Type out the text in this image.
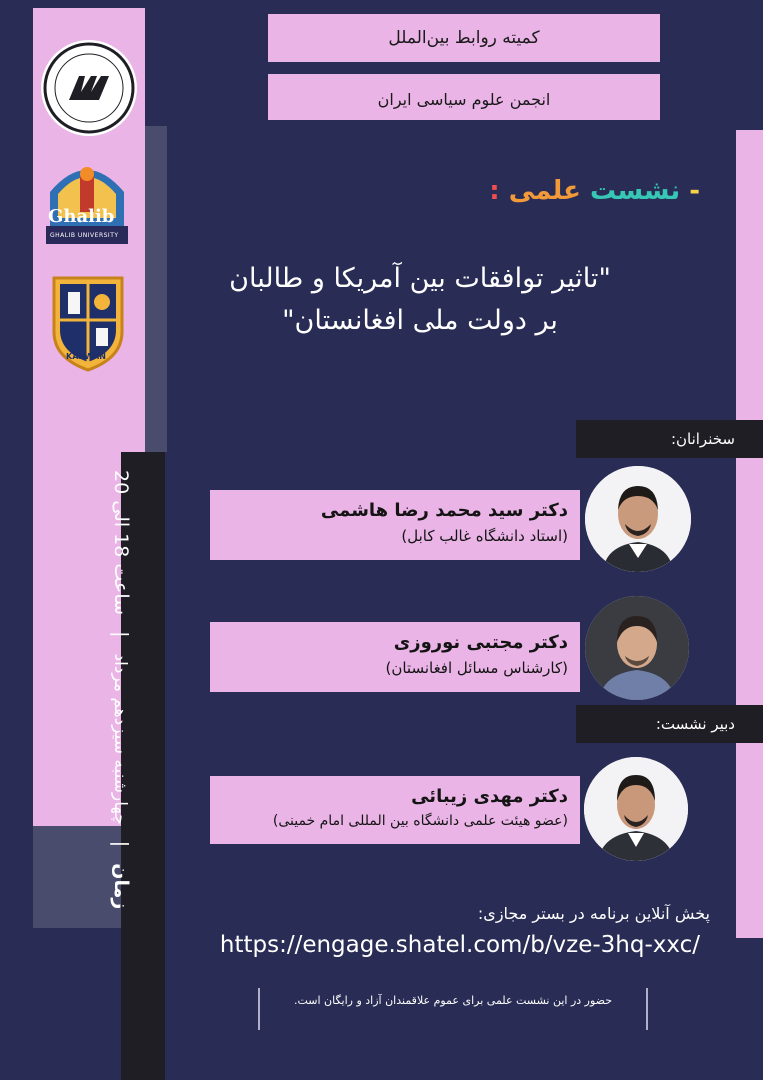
زمان | چهارشنبه سیزدهم مرداد | ساعت 18 الی 20
Ghalib
GHALIB UNIVERSITY
KARWAN
کمیته روابط بین‌الملل
انجمن علوم سیاسی ایران
- نشست علمی :
"تاثیر توافقات بین آمریکا و طالبان
بر دولت ملی افغانستان"
سخنرانان:
دکتر سید محمد رضا هاشمی
(استاد دانشگاه غالب کابل)
دکتر مجتبی نوروزی
(کارشناس مسائل افغانستان)
دبیر نشست:
دکتر مهدی زیبائی
(عضو هیئت علمی دانشگاه بین المللی امام خمینی)
پخش آنلاین برنامه در بستر مجازی:
https://engage.shatel.com/b/vze-3hq-xxc/
حضور در این نشست علمی برای عموم علاقمندان آزاد و رایگان است.
